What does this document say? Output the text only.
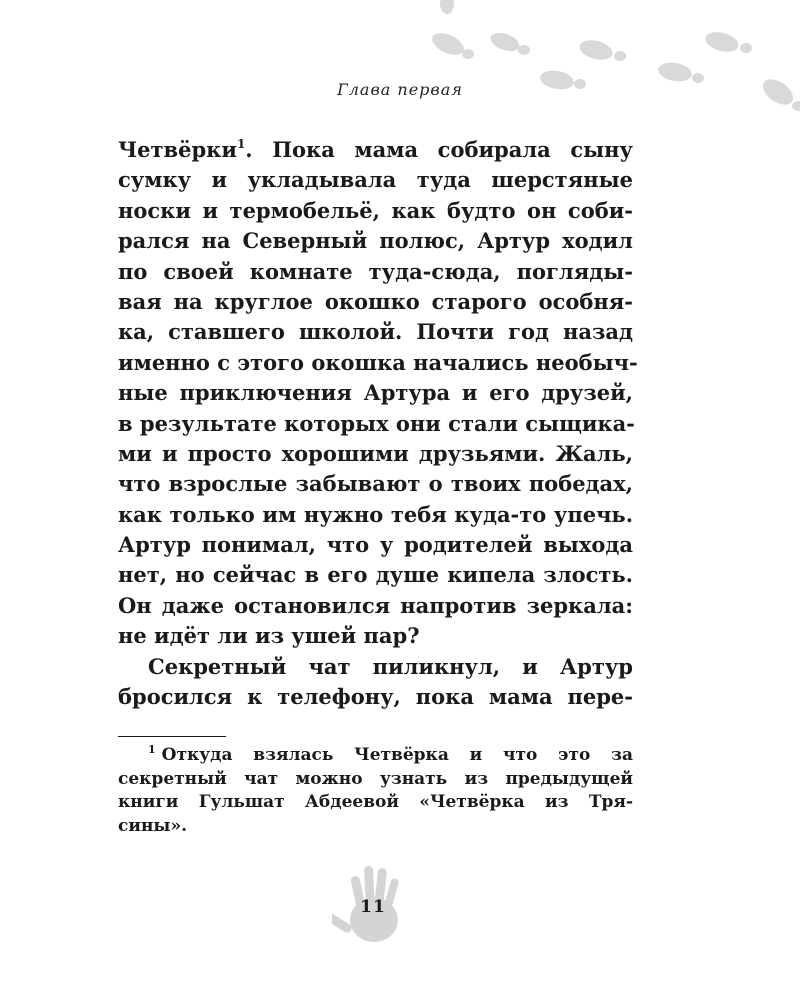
Глава первая
Четвёрки$^1$. Пока мама собирала сыну
сумку и укладывала туда шерстяные
носки и термобельё, как будто он соби-
рался на Северный полюс, Артур ходил
по своей комнате туда-сюда, погляды-
вая на круглое окошко старого особня-
ка, ставшего школой. Почти год назад
именно с этого окошка начались необыч-
ные приключения Артура и его друзей,
в результате которых они стали сыщика-
ми и просто хорошими друзьями. Жаль,
что взрослые забывают о твоих победах,
как только им нужно тебя куда-то упечь.
Артур понимал, что у родителей выхода
нет, но сейчас в его душе кипела злость.
Он даже остановился напротив зеркала:
не идёт ли из ушей пар?
Секретный чат пиликнул, и Артур
бросился к телефону, пока мама пере-
$^1$ Откуда взялась Четвёрка и что это за
секретный чат можно узнать из предыдущей
книги Гульшат Абдеевой «Четвёрка из Тря-
сины».
11
